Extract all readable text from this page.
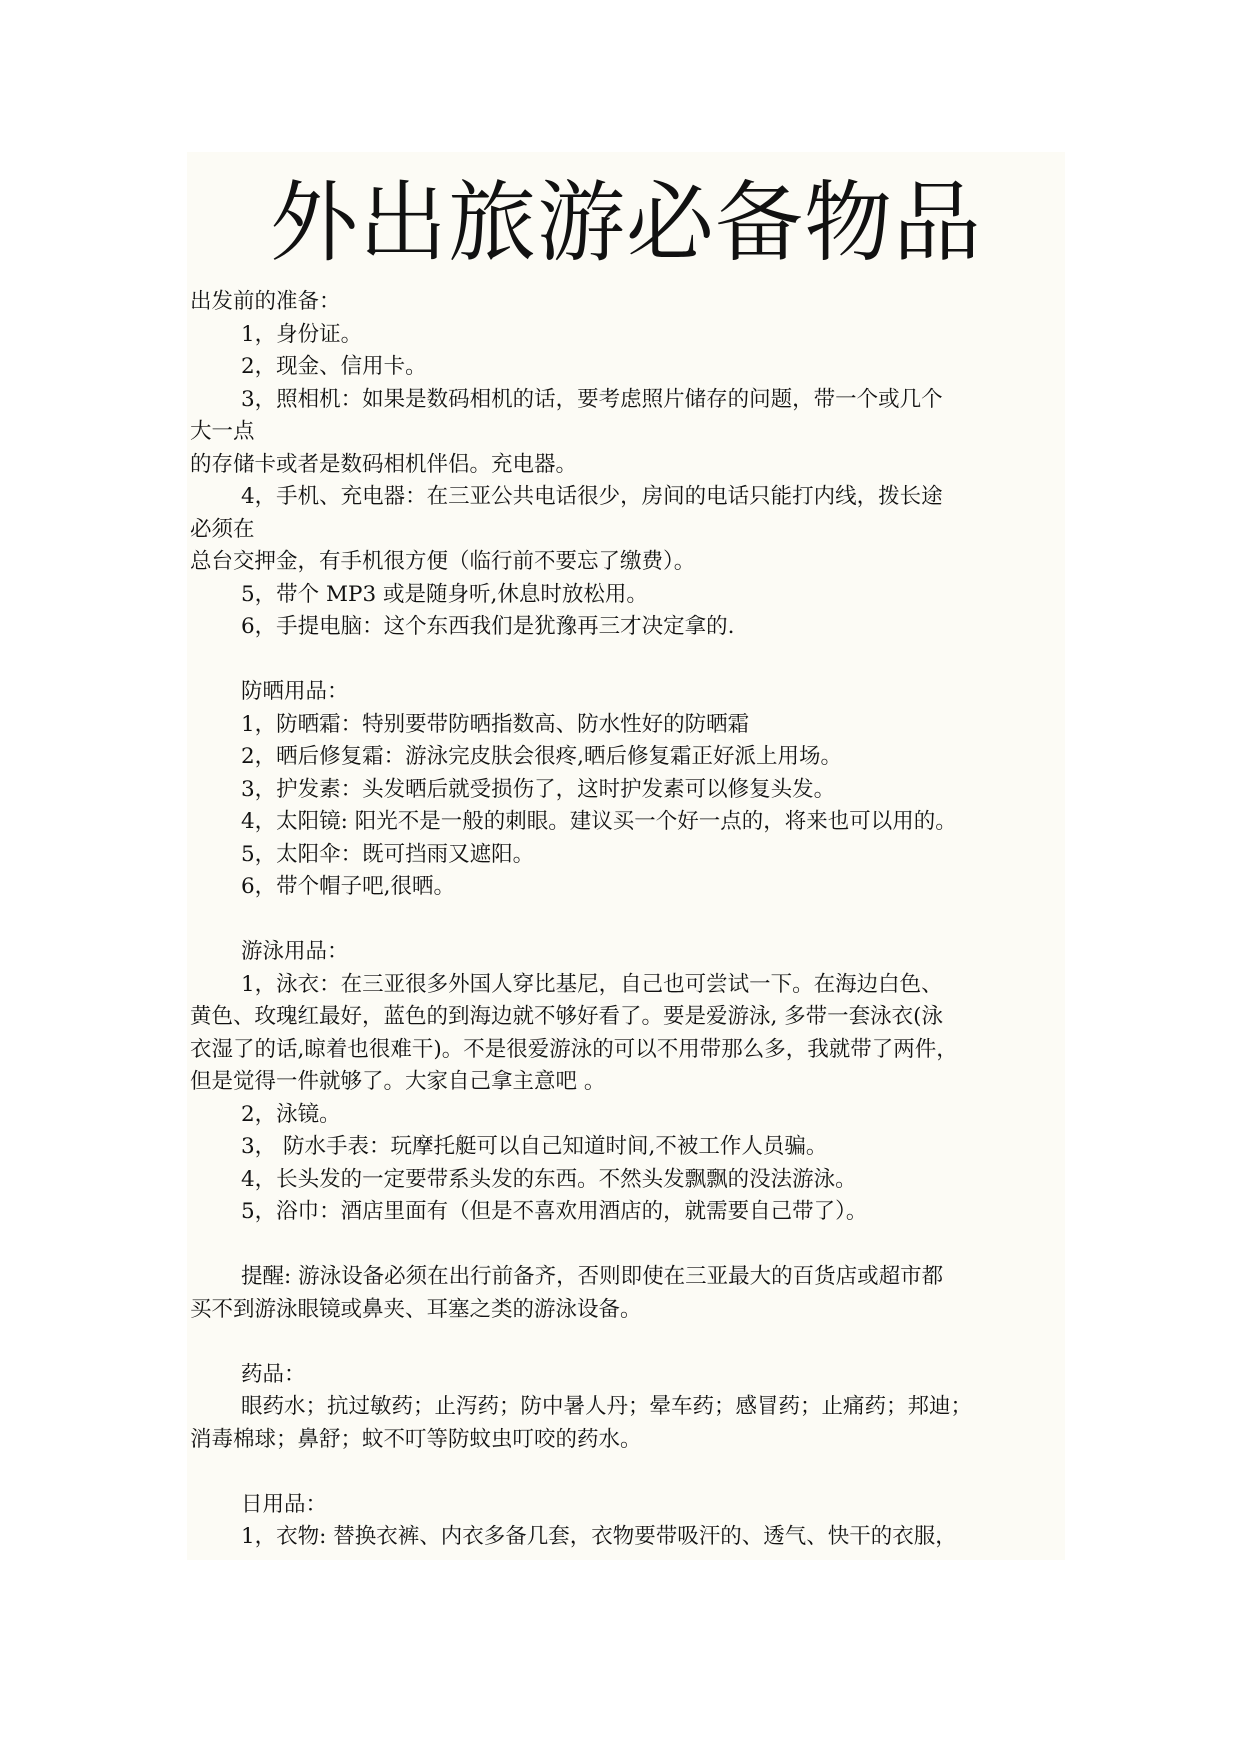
外出旅游必备物品
出发前的准备：
1，身份证。
2，现金、信用卡。
3，照相机：如果是数码相机的话，要考虑照片储存的问题，带一个或几个
大一点
的存储卡或者是数码相机伴侣。充电器。
4，手机、充电器：在三亚公共电话很少，房间的电话只能打内线，拨长途
必须在
总台交押金，有手机很方便（临行前不要忘了缴费）。
5，带个 MP3 或是随身听,休息时放松用。
6，手提电脑：这个东西我们是犹豫再三才决定拿的.
防晒用品：
1，防晒霜：特别要带防晒指数高、防水性好的防晒霜
2，晒后修复霜：游泳完皮肤会很疼,晒后修复霜正好派上用场。
3，护发素：头发晒后就受损伤了，这时护发素可以修复头发。
4，太阳镜: 阳光不是一般的刺眼。建议买一个好一点的，将来也可以用的。
5，太阳伞：既可挡雨又遮阳。
6，带个帽子吧,很晒。
游泳用品：
1，泳衣：在三亚很多外国人穿比基尼，自己也可尝试一下。在海边白色、
黄色、玫瑰红最好，蓝色的到海边就不够好看了。要是爱游泳, 多带一套泳衣(泳
衣湿了的话,晾着也很难干)。不是很爱游泳的可以不用带那么多，我就带了两件，
但是觉得一件就够了。大家自己拿主意吧 。
2，泳镜。
3， 防水手表：玩摩托艇可以自己知道时间,不被工作人员骗。
4，长头发的一定要带系头发的东西。不然头发飘飘的没法游泳。
5，浴巾：酒店里面有（但是不喜欢用酒店的，就需要自己带了）。
提醒: 游泳设备必须在出行前备齐，否则即使在三亚最大的百货店或超市都
买不到游泳眼镜或鼻夹、耳塞之类的游泳设备。
药品：
眼药水；抗过敏药；止泻药；防中暑人丹；晕车药；感冒药；止痛药；邦迪；
消毒棉球；鼻舒；蚊不叮等防蚊虫叮咬的药水。
日用品：
1，衣物: 替换衣裤、内衣多备几套，衣物要带吸汗的、透气、快干的衣服，
